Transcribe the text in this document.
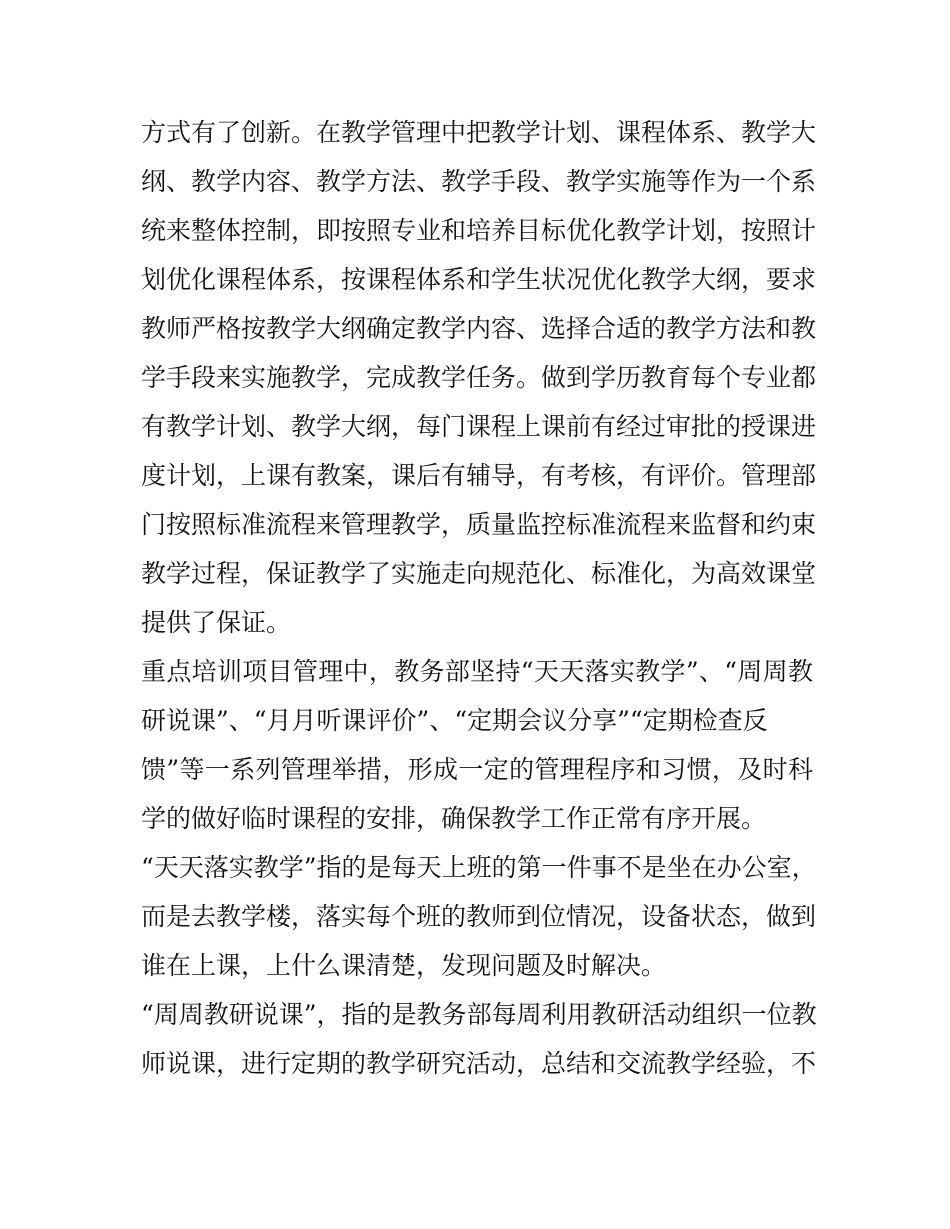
方式有了创新。在教学管理中把教学计划、课程体系、教学大
纲、教学内容、教学方法、教学手段、教学实施等作为一个系
统来整体控制，即按照专业和培养目标优化教学计划，按照计
划优化课程体系，按课程体系和学生状况优化教学大纲，要求
教师严格按教学大纲确定教学内容、选择合适的教学方法和教
学手段来实施教学，完成教学任务。做到学历教育每个专业都
有教学计划、教学大纲，每门课程上课前有经过审批的授课进
度计划，上课有教案，课后有辅导，有考核，有评价。管理部
门按照标准流程来管理教学，质量监控标准流程来监督和约束
教学过程，保证教学了实施走向规范化、标准化，为高效课堂
提供了保证。
重点培训项目管理中，教务部坚持“天天落实教学”、“周周教
研说课”、“月月听课评价”、“定期会议分享”“定期检查反
馈”等一系列管理举措，形成一定的管理程序和习惯，及时科
学的做好临时课程的安排，确保教学工作正常有序开展。
“天天落实教学”指的是每天上班的第一件事不是坐在办公室，
而是去教学楼，落实每个班的教师到位情况，设备状态，做到
谁在上课，上什么课清楚，发现问题及时解决。
“周周教研说课”，指的是教务部每周利用教研活动组织一位教
师说课，进行定期的教学研究活动，总结和交流教学经验，不
